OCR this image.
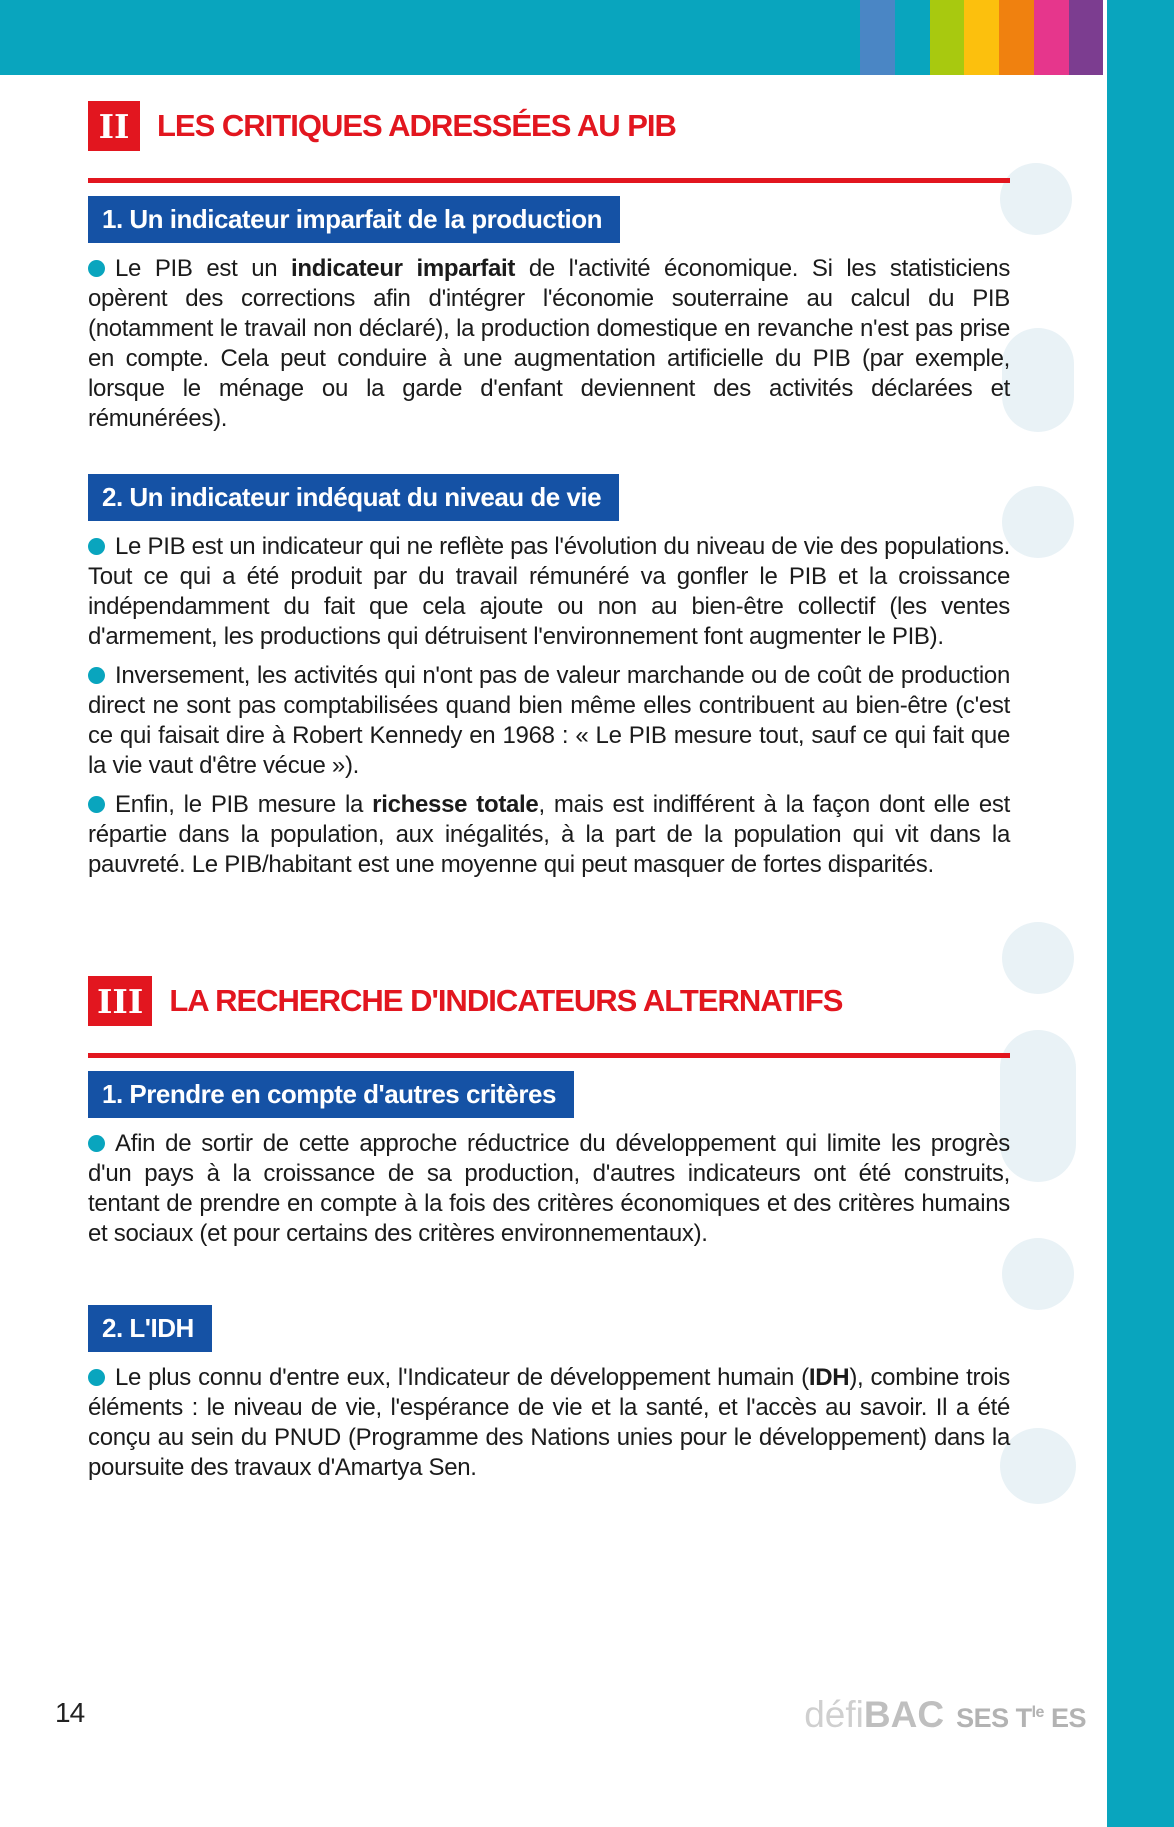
II LES CRITIQUES ADRESSÉES AU PIB
1. Un indicateur imparfait de la production

Le PIB est un indicateur imparfait de l'activité économique. Si les statisticiens opèrent des corrections afin d'intégrer l'économie souterraine au calcul du PIB (notamment le travail non déclaré), la production domestique en revanche n'est pas prise en compte. Cela peut conduire à une augmentation artificielle du PIB (par exemple, lorsque le ménage ou la garde d'enfant deviennent des activités déclarées et rémunérées).

2. Un indicateur indéquat du niveau de vie

Le PIB est un indicateur qui ne reflète pas l'évolution du niveau de vie des populations. Tout ce qui a été produit par du travail rémunéré va gonfler le PIB et la croissance indépendamment du fait que cela ajoute ou non au bien-être collectif (les ventes d'armement, les productions qui détruisent l'environnement font augmenter le PIB).

Inversement, les activités qui n'ont pas de valeur marchande ou de coût de production direct ne sont pas comptabilisées quand bien même elles contribuent au bien-être (c'est ce qui faisait dire à Robert Kennedy en 1968 : « Le PIB mesure tout, sauf ce qui fait que la vie vaut d'être vécue »).

Enfin, le PIB mesure la richesse totale, mais est indifférent à la façon dont elle est répartie dans la population, aux inégalités, à la part de la population qui vit dans la pauvreté. Le PIB/habitant est une moyenne qui peut masquer de fortes disparités.

III LA RECHERCHE D'INDICATEURS ALTERNATIFS
1. Prendre en compte d'autres critères

Afin de sortir de cette approche réductrice du développement qui limite les progrès d'un pays à la croissance de sa production, d'autres indicateurs ont été construits, tentant de prendre en compte à la fois des critères économiques et des critères humains et sociaux (et pour certains des critères environnementaux).

2. L'IDH

Le plus connu d'entre eux, l'Indicateur de développement humain (IDH), combine trois éléments : le niveau de vie, l'espérance de vie et la santé, et l'accès au savoir. Il a été conçu au sein du PNUD (Programme des Nations unies pour le développement) dans la poursuite des travaux d'Amartya Sen.

14	défiBAC SES $T^{le}$ ES
